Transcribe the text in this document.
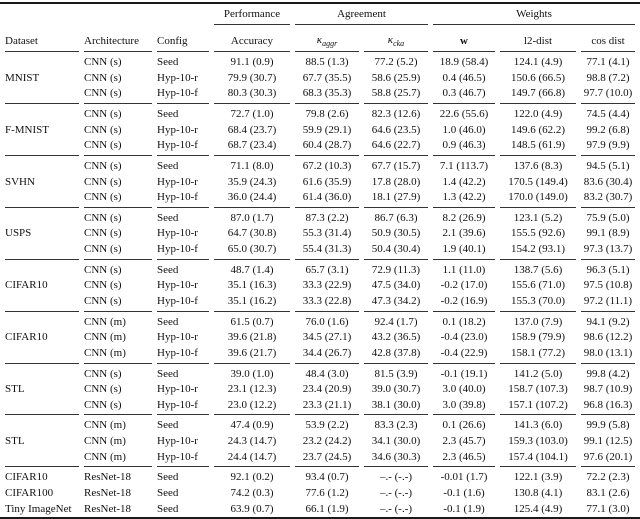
			Performance	Agreement		Weights		
Dataset	Architecture	Config	Accuracy	$\kappa_{aggr}$	$\kappa_{cka}$	w	l2-dist	cos dist
	CNN (s)	Seed	91.1 (0.9)	88.5 (1.3)	77.2 (5.2)	18.9 (58.4)	124.1 (4.9)	77.1 (4.1)
MNIST	CNN (s)	Hyp-10-r	79.9 (30.7)	67.7 (35.5)	58.6 (25.9)	0.4 (46.5)	150.6 (66.5)	98.8 (7.2)
	CNN (s)	Hyp-10-f	80.3 (30.3)	68.3 (35.3)	58.8 (25.7)	0.3 (46.7)	149.7 (66.8)	97.7 (10.0)
	CNN (s)	Seed	72.7 (1.0)	79.8 (2.6)	82.3 (12.6)	22.6 (55.6)	122.0 (4.9)	74.5 (4.4)
F-MNIST	CNN (s)	Hyp-10-r	68.4 (23.7)	59.9 (29.1)	64.6 (23.5)	1.0 (46.0)	149.6 (62.2)	99.2 (6.8)
	CNN (s)	Hyp-10-f	68.7 (23.4)	60.4 (28.7)	64.6 (22.7)	0.9 (46.3)	148.5 (61.9)	97.9 (9.9)
	CNN (s)	Seed	71.1 (8.0)	67.2 (10.3)	67.7 (15.7)	7.1 (113.7)	137.6 (8.3)	94.5 (5.1)
SVHN	CNN (s)	Hyp-10-r	35.9 (24.3)	61.6 (35.9)	17.8 (28.0)	1.4 (42.2)	170.5 (149.4)	83.6 (30.4)
	CNN (s)	Hyp-10-f	36.0 (24.4)	61.4 (36.0)	18.1 (27.9)	1.3 (42.2)	170.0 (149.0)	83.2 (30.7)
	CNN (s)	Seed	87.0 (1.7)	87.3 (2.2)	86.7 (6.3)	8.2 (26.9)	123.1 (5.2)	75.9 (5.0)
USPS	CNN (s)	Hyp-10-r	64.7 (30.8)	55.3 (31.4)	50.9 (30.5)	2.1 (39.6)	155.5 (92.6)	99.1 (8.9)
	CNN (s)	Hyp-10-f	65.0 (30.7)	55.4 (31.3)	50.4 (30.4)	1.9 (40.1)	154.2 (93.1)	97.3 (13.7)
	CNN (s)	Seed	48.7 (1.4)	65.7 (3.1)	72.9 (11.3)	1.1 (11.0)	138.7 (5.6)	96.3 (5.1)
CIFAR10	CNN (s)	Hyp-10-r	35.1 (16.3)	33.3 (22.9)	47.5 (34.0)	-0.2 (17.0)	155.6 (71.0)	97.5 (10.8)
	CNN (s)	Hyp-10-f	35.1 (16.2)	33.3 (22.8)	47.3 (34.2)	-0.2 (16.9)	155.3 (70.0)	97.2 (11.1)
	CNN (m)	Seed	61.5 (0.7)	76.0 (1.6)	92.4 (1.7)	0.1 (18.2)	137.0 (7.9)	94.1 (9.2)
CIFAR10	CNN (m)	Hyp-10-r	39.6 (21.8)	34.5 (27.1)	43.2 (36.5)	-0.4 (23.0)	158.9 (79.9)	98.6 (12.2)
	CNN (m)	Hyp-10-f	39.6 (21.7)	34.4 (26.7)	42.8 (37.8)	-0.4 (22.9)	158.1 (77.2)	98.0 (13.1)
	CNN (s)	Seed	39.0 (1.0)	48.4 (3.0)	81.5 (3.9)	-0.1 (19.1)	141.2 (5.0)	99.8 (4.2)
STL	CNN (s)	Hyp-10-r	23.1 (12.3)	23.4 (20.9)	39.0 (30.7)	3.0 (40.0)	158.7 (107.3)	98.7 (10.9)
	CNN (s)	Hyp-10-f	23.0 (12.2)	23.3 (21.1)	38.1 (30.0)	3.0 (39.8)	157.1 (107.2)	96.8 (16.3)
	CNN (m)	Seed	47.4 (0.9)	53.9 (2.2)	83.3 (2.3)	0.1 (26.6)	141.3 (6.0)	99.9 (5.8)
STL	CNN (m)	Hyp-10-r	24.3 (14.7)	23.2 (24.2)	34.1 (30.0)	2.3 (45.7)	159.3 (103.0)	99.1 (12.5)
	CNN (m)	Hyp-10-f	24.4 (14.7)	23.7 (24.5)	34.6 (30.3)	2.3 (46.5)	157.4 (104.1)	97.6 (20.1)
CIFAR10	ResNet-18	Seed	92.1 (0.2)	93.4 (0.7)	–.- (-.-)	-0.01 (1.7)	122.1 (3.9)	72.2 (2.3)
CIFAR100	ResNet-18	Seed	74.2 (0.3)	77.6 (1.2)	–.- (-.-)	-0.1 (1.6)	130.8 (4.1)	83.1 (2.6)
Tiny ImageNet	ResNet-18	Seed	63.9 (0.7)	66.1 (1.9)	–.- (-.-)	-0.1 (1.9)	125.4 (4.9)	77.1 (3.0)
